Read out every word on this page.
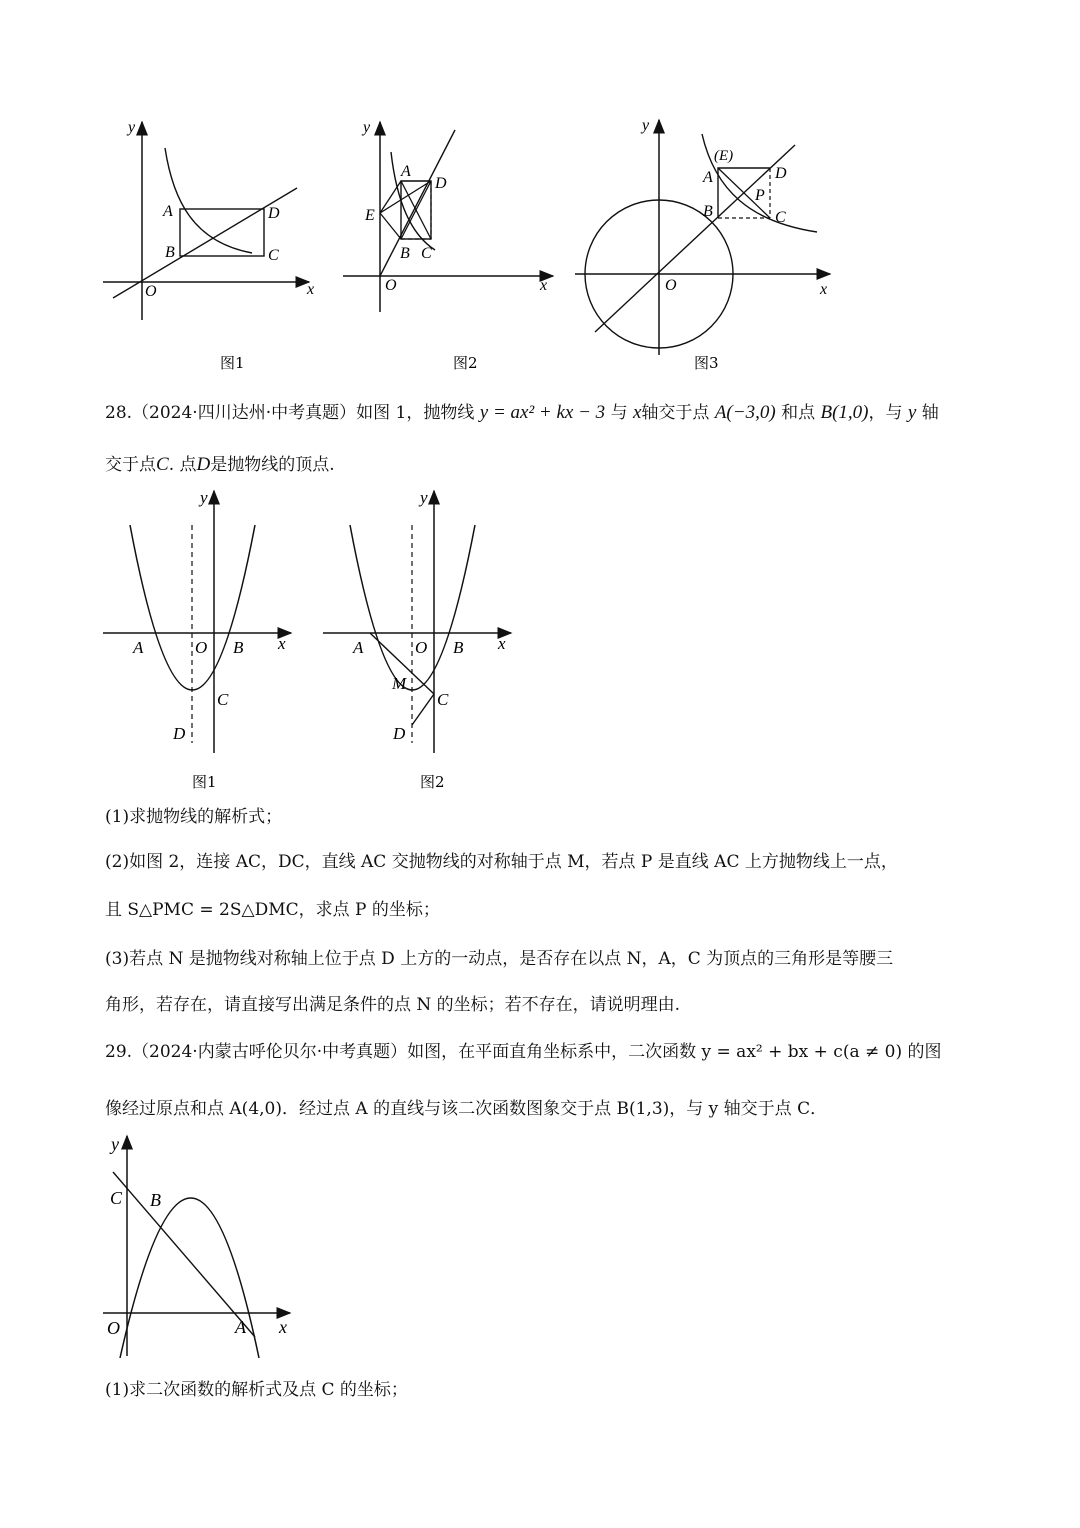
y
x
O
A
B	C
D
图1
y
x
O
A
B C
D
E
图2
y
x
O
(E)
A
B	C
D
P
图3
28.（2024·四川达州·中考真题）如图 1，抛物线 y = ax² + kx − 3 与 x轴交于点 A(−3,0) 和点 B(1,0)，与 y 轴
交于点C. 点D是抛物线的顶点.
y
x
A	O B
C
D
图1
y
x
A	O B
M
C
D
图2
(1)求抛物线的解析式；
(2)如图 2，连接 AC，DC，直线 AC 交抛物线的对称轴于点 M，若点 P 是直线 AC 上方抛物线上一点，
且 S△PMC = 2S△DMC，求点 P 的坐标；
(3)若点 N 是抛物线对称轴上位于点 D 上方的一动点，是否存在以点 N，A，C 为顶点的三角形是等腰三
角形，若存在，请直接写出满足条件的点 N 的坐标；若不存在，请说明理由.
29.（2024·内蒙古呼伦贝尔·中考真题）如图，在平面直角坐标系中，二次函数 y = ax² + bx + c(a ≠ 0) 的图
像经过原点和点 A(4,0)．经过点 A 的直线与该二次函数图象交于点 B(1,3)，与 y 轴交于点 C．
y
x
O	A
B
C
(1)求二次函数的解析式及点 C 的坐标；
